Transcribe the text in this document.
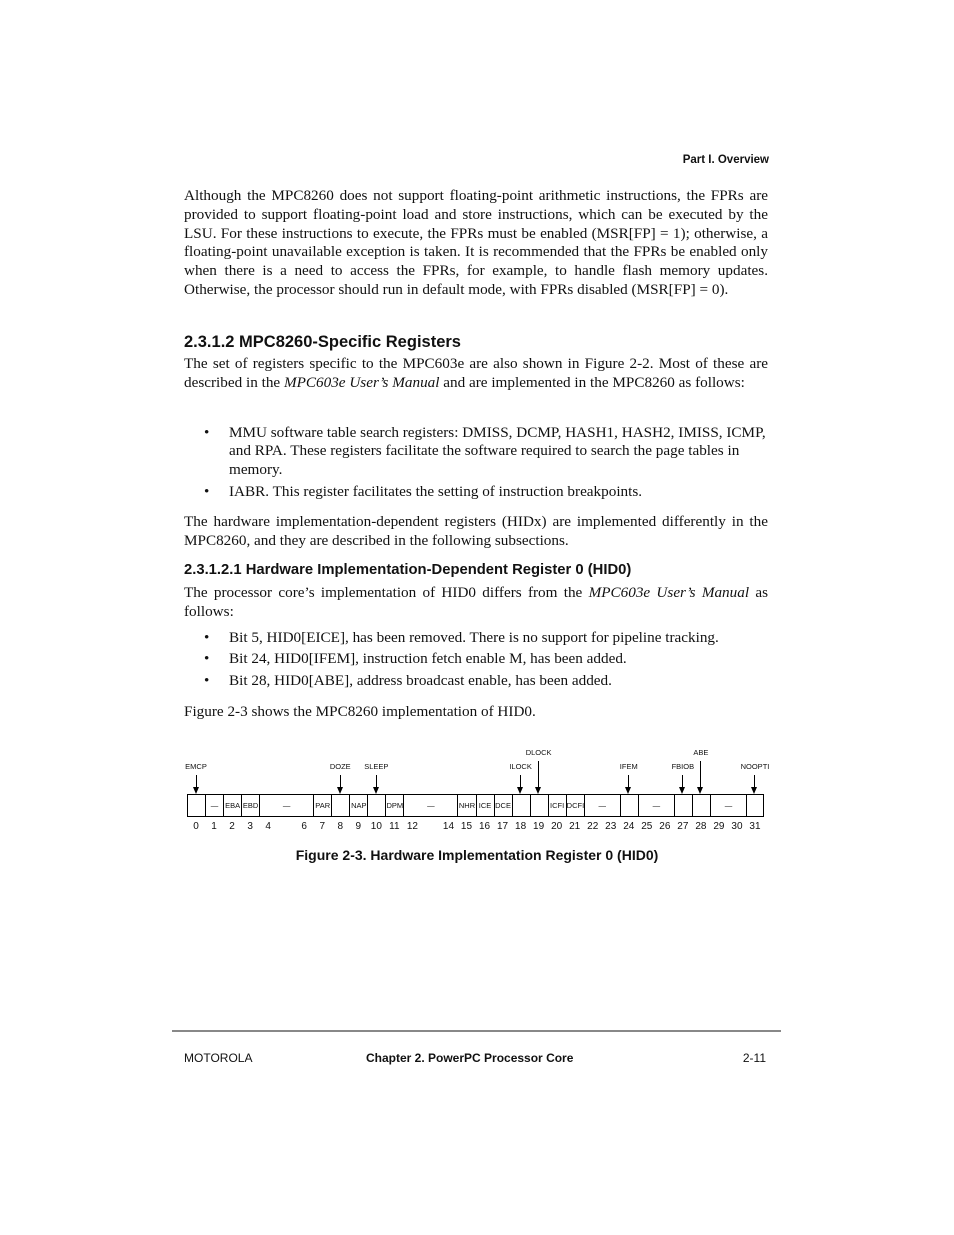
Part I. Overview
Although the MPC8260 does not support floating-point arithmetic instructions, the FPRs are provided to support floating-point load and store instructions, which can be executed by the LSU. For these instructions to execute, the FPRs must be enabled (MSR[FP] = 1); otherwise, a floating-point unavailable exception is taken. It is recommended that the FPRs be enabled only when there is a need to access the FPRs, for example, to handle flash memory updates. Otherwise, the processor should run in default mode, with FPRs disabled (MSR[FP] = 0).
2.3.1.2 MPC8260-Specific Registers
The set of registers specific to the MPC603e are also shown in Figure 2-2. Most of these are described in the MPC603e User’s Manual and are implemented in the MPC8260 as follows:
• MMU software table search registers: DMISS, DCMP, HASH1, HASH2, IMISS, ICMP, and RPA. These registers facilitate the software required to search the page tables in memory.
• IABR. This register facilitates the setting of instruction breakpoints.
The hardware implementation-dependent registers (HIDx) are implemented differently in the MPC8260, and they are described in the following subsections.
2.3.1.2.1 Hardware Implementation-Dependent Register 0 (HID0)
The processor core’s implementation of HID0 differs from the MPC603e User’s Manual as follows:
• Bit 5, HID0[EICE], has been removed. There is no support for pipeline tracking.
• Bit 24, HID0[IFEM], instruction fetch enable M, has been added.
• Bit 28, HID0[ABE], address broadcast enable, has been added.
Figure 2-3 shows the MPC8260 implementation of HID0.
— EBA EBD	—	PAR	NAP	DPM	—	NHR ICE DCE	ICFI DCFI	—	—	—
0	1	2	3	4	6	7	8	9 10 11 12	14 15 16 17 18 19 20 21 22 23 24 25 26 27 28 29 30 31
EMCP	DOZE SLEEP	ILOCK
DLOCK
IFEM	FBIOB
ABE
NOOPTI
Figure 2-3. Hardware Implementation Register 0 (HID0)
MOTOROLA	Chapter 2. PowerPC Processor Core	2-11
